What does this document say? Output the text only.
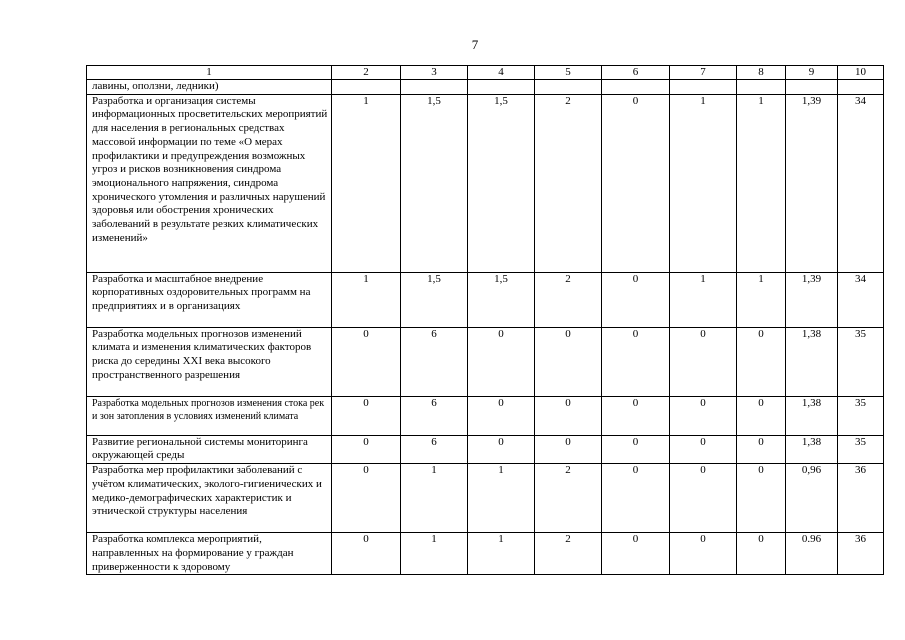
7
1	2	3	4	5	6	7	8	9	10
лавины, оползни, ледники)									
Разработка и организация системы информационных просветительских мероприятий для населения в региональных средствах массовой информации по теме «О мерах профилактики и предупреждения возможных угроз и рисков возникновения синдрома эмоционального напряжения, синдрома хронического утомления и различных нарушений здоровья или обострения хронических заболеваний в результате резких климатических изменений»	1	1,5	1,5	2	0	1	1	1,39	34
Разработка и масштабное внедрение корпоративных оздоровительных программ на предприятиях и в организациях	1	1,5	1,5	2	0	1	1	1,39	34
Разработка модельных прогнозов изменений климата и изменения климатических факторов риска до середины XXI века высокого пространственного разрешения	0	6	0	0	0	0	0	1,38	35
Разработка модельных прогнозов изменения стока рек и зон затопления в условиях изменений климата	0	6	0	0	0	0	0	1,38	35
Развитие региональной системы мониторинга окружающей среды	0	6	0	0	0	0	0	1,38	35
Разработка мер профилактики заболеваний с учётом климатических, эколого-гигиенических и медико-демографических характеристик и этнической структуры населения	0	1	1	2	0	0	0	0,96	36
Разработка комплекса мероприятий, направленных на формирование у граждан приверженности к здоровому	0	1	1	2	0	0	0	0.96	36
